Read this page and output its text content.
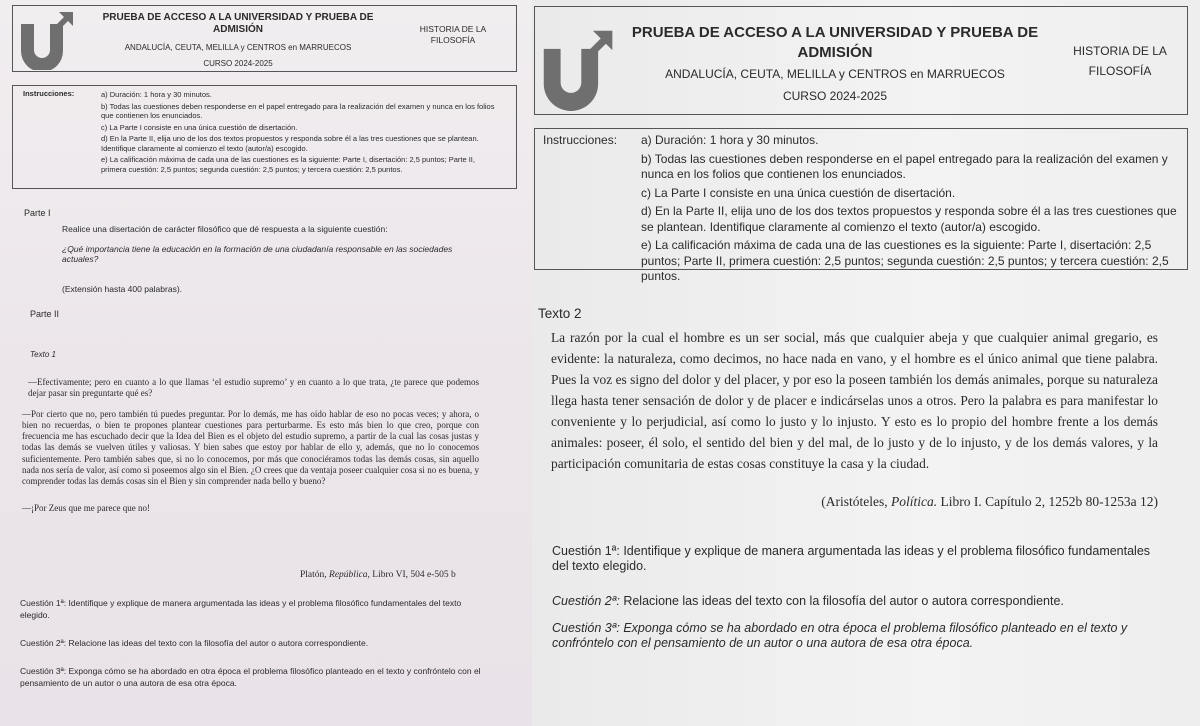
PRUEBA DE ACCESO A LA UNIVERSIDAD Y PRUEBA DE
ADMISIÓN
ANDALUCÍA, CEUTA, MELILLA y CENTROS en MARRUECOS
CURSO 2024-2025
HISTORIA DE LA
FILOSOFÍA
Instrucciones:	a) Duración: 1 hora y 30 minutos.
b) Todas las cuestiones deben responderse en el papel entregado para la realización del examen y nunca en los folios que contienen los enunciados.
c) La Parte I consiste en una única cuestión de disertación.
d) En la Parte II, elija uno de los dos textos propuestos y responda sobre él a las tres cuestiones que se plantean. Identifique claramente al comienzo el texto (autor/a) escogido.
e) La calificación máxima de cada una de las cuestiones es la siguiente: Parte I, disertación: 2,5 puntos; Parte II, primera cuestión: 2,5 puntos; segunda cuestión: 2,5 puntos; y tercera cuestión: 2,5 puntos.
Parte I
Realice una disertación de carácter filosófico que dé respuesta a la siguiente cuestión:
¿Qué importancia tiene la educación en la formación de una ciudadanía responsable en las sociedades actuales?
(Extensión hasta 400 palabras).
Parte II
Texto 1

—Efectivamente; pero en cuanto a lo que llamas ‘el estudio supremo’ y en cuanto a lo que trata, ¿te parece que podemos dejar pasar sin preguntarte qué es?

—Por cierto que no, pero también tú puedes preguntar. Por lo demás, me has oído hablar de eso no pocas veces; y ahora, o bien no recuerdas, o bien te propones plantear cuestiones para perturbarme. Es esto más bien lo que creo, porque con frecuencia me has escuchado decir que la Idea del Bien es el objeto del estudio supremo, a partir de la cual las cosas justas y todas las demás se vuelven útiles y valiosas. Y bien sabes que estoy por hablar de ello y, además, que no lo conocemos suficientemente. Pero también sabes que, si no lo conocemos, por más que conociéramos todas las demás cosas, sin aquello nada nos sería de valor, así como si poseemos algo sin el Bien. ¿O crees que da ventaja poseer cualquier cosa si no es buena, y comprender todas las demás cosas sin el Bien y sin comprender nada bello y bueno?

—¡Por Zeus que me parece que no!

Platón, República, Libro VI, 504 e-505 b

Cuestión 1ª: Identifique y explique de manera argumentada las ideas y el problema filosófico fundamentales del texto elegido.

Cuestión 2ª: Relacione las ideas del texto con la filosofía del autor o autora correspondiente.

Cuestión 3ª: Exponga cómo se ha abordado en otra época el problema filosófico planteado en el texto y confróntelo con el pensamiento de un autor o una autora de esa otra época.

PRUEBA DE ACCESO A LA UNIVERSIDAD Y PRUEBA DE
ADMISIÓN
ANDALUCÍA, CEUTA, MELILLA y CENTROS en MARRUECOS
CURSO 2024-2025
HISTORIA DE LA
FILOSOFÍA
Instrucciones: a) Duración: 1 hora y 30 minutos.
b) Todas las cuestiones deben responderse en el papel entregado para la realización del examen y nunca en los folios que contienen los enunciados.
c) La Parte I consiste en una única cuestión de disertación.
d) En la Parte II, elija uno de los dos textos propuestos y responda sobre él a las tres cuestiones que se plantean. Identifique claramente al comienzo el texto (autor/a) escogido.
e) La calificación máxima de cada una de las cuestiones es la siguiente: Parte I, disertación: 2,5 puntos; Parte II, primera cuestión: 2,5 puntos; segunda cuestión: 2,5 puntos; y tercera cuestión: 2,5 puntos.
Texto 2
La razón por la cual el hombre es un ser social, más que cualquier abeja y que cualquier animal gregario, es evidente: la naturaleza, como decimos, no hace nada en vano, y el hombre es el único animal que tiene palabra. Pues la voz es signo del dolor y del placer, y por eso la poseen también los demás animales, porque su naturaleza llega hasta tener sensación de dolor y de placer e indicárselas unos a otros. Pero la palabra es para manifestar lo conveniente y lo perjudicial, así como lo justo y lo injusto. Y esto es lo propio del hombre frente a los demás animales: poseer, él solo, el sentido del bien y del mal, de lo justo y de lo injusto, y de los demás valores, y la participación comunitaria de estas cosas constituye la casa y la ciudad.
(Aristóteles, Política. Libro I. Capítulo 2, 1252b 80-1253a 12)

Cuestión 1ª: Identifique y explique de manera argumentada las ideas y el problema filosófico fundamentales del texto elegido.

Cuestión 2ª: Relacione las ideas del texto con la filosofía del autor o autora correspondiente.

Cuestión 3ª: Exponga cómo se ha abordado en otra época el problema filosófico planteado en el texto y confróntelo con el pensamiento de un autor o una autora de esa otra época.
